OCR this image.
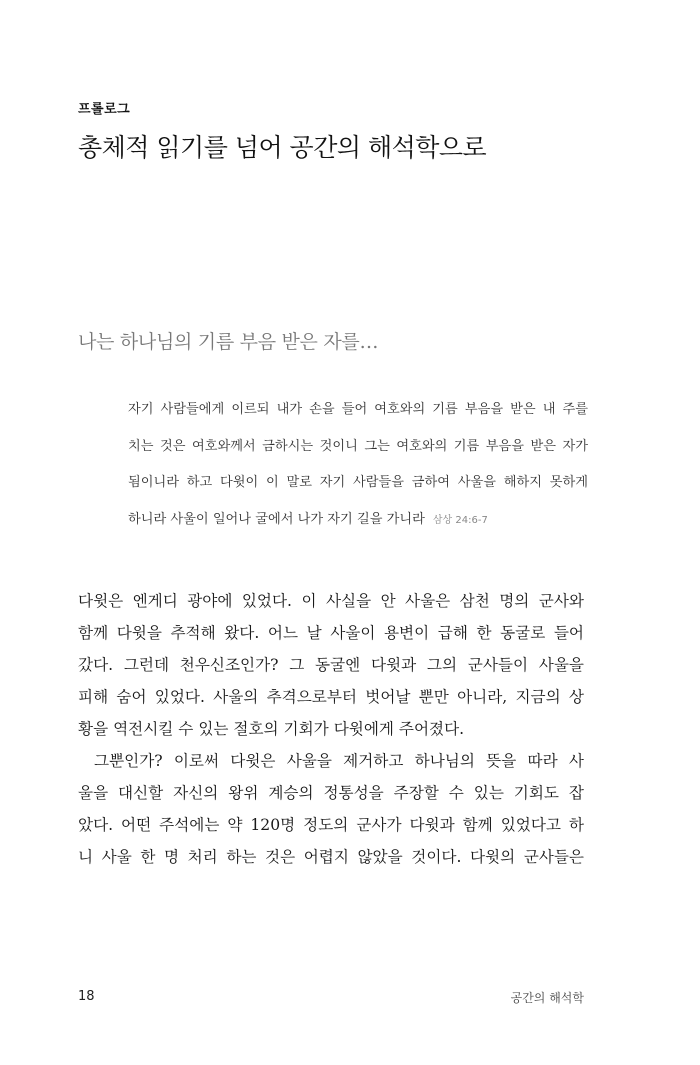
프롤로그
총체적 읽기를 넘어 공간의 해석학으로
나는 하나님의 기름 부음 받은 자를…
자기 사람들에게 이르되 내가 손을 들어 여호와의 기름 부음을 받은 내 주를
치는 것은 여호와께서 금하시는 것이니 그는 여호와의 기름 부음을 받은 자가
됨이니라 하고 다윗이 이 말로 자기 사람들을 금하여 사울을 해하지 못하게
하니라 사울이 일어나 굴에서 나가 자기 길을 가니라 삼상 24:6-7
다윗은 엔게디 광야에 있었다. 이 사실을 안 사울은 삼천 명의 군사와
함께 다윗을 추적해 왔다. 어느 날 사울이 용변이 급해 한 동굴로 들어
갔다. 그런데 천우신조인가? 그 동굴엔 다윗과 그의 군사들이 사울을
피해 숨어 있었다. 사울의 추격으로부터 벗어날 뿐만 아니라, 지금의 상
황을 역전시킬 수 있는 절호의 기회가 다윗에게 주어졌다.
그뿐인가? 이로써 다윗은 사울을 제거하고 하나님의 뜻을 따라 사
울을 대신할 자신의 왕위 계승의 정통성을 주장할 수 있는 기회도 잡
았다. 어떤 주석에는 약 120명 정도의 군사가 다윗과 함께 있었다고 하
니 사울 한 명 처리 하는 것은 어렵지 않았을 것이다. 다윗의 군사들은
18	공간의 해석학
